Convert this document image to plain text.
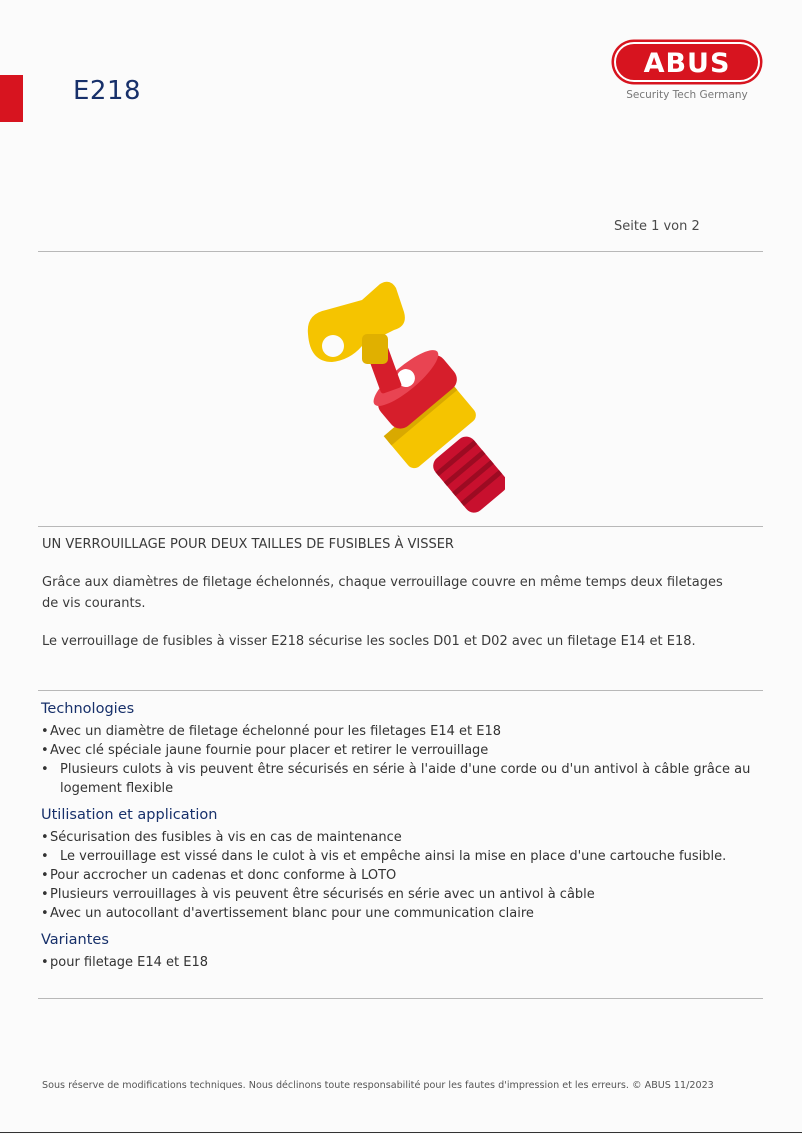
E218
ABUS
Security Tech Germany
Seite 1 von 2
UN VERROUILLAGE POUR DEUX TAILLES DE FUSIBLES À VISSER

Grâce aux diamètres de filetage échelonnés, chaque verrouillage couvre en même temps deux filetages de vis courants.

Le verrouillage de fusibles à visser E218 sécurise les socles D01 et D02 avec un filetage E14 et E18.

Technologies
•Avec un diamètre de filetage échelonné pour les filetages E14 et E18
•Avec clé spéciale jaune fournie pour placer et retirer le verrouillage
• Plusieurs culots à vis peuvent être sécurisés en série à l'aide d'une corde ou d'un antivol à câble grâce au logement flexible
Utilisation et application
•Sécurisation des fusibles à vis en cas de maintenance
• Le verrouillage est vissé dans le culot à vis et empêche ainsi la mise en place d'une cartouche fusible.
•Pour accrocher un cadenas et donc conforme à LOTO
•Plusieurs verrouillages à vis peuvent être sécurisés en série avec un antivol à câble
•Avec un autocollant d'avertissement blanc pour une communication claire
Variantes
•pour filetage E14 et E18
Sous réserve de modifications techniques. Nous déclinons toute responsabilité pour les fautes d'impression et les erreurs. © ABUS 11/2023
